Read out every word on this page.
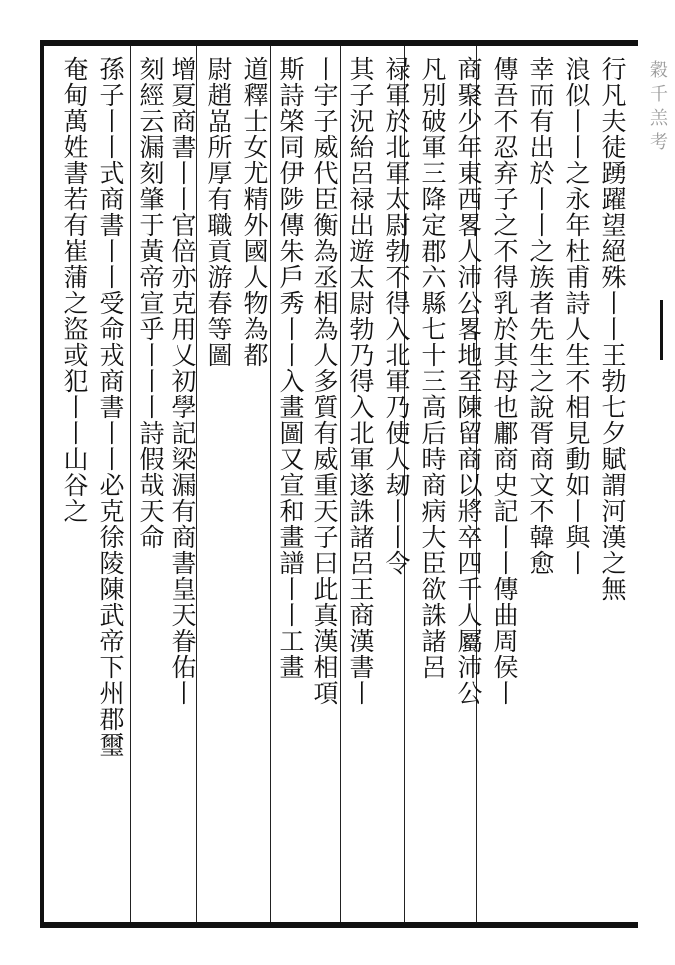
穀千羔考
行凡夫徒踴躍望絕殊丨丨王勃七夕賦謂河漢之無
浪似丨丨之永年杜甫詩人生不相見動如丨與丨
幸而有出於丨丨之族者先生之說胥商文不韓愈
傳吾不忍弃子之不得乳於其母也鄘商史記丨丨傳曲周侯丨
商聚少年東西畧人沛公畧地至陳留商以將卒四千人屬沛公
凡別破軍三降定郡六縣七十三高后時商病大臣欲誅諸呂
禄軍於北軍太尉勃不得入北軍乃使人刼丨丨令
其子況紿呂禄出遊太尉勃乃得入北軍遂誅諸呂王商漢書丨
丨宇子威代臣衡為丞相為人多質有威重天子曰此真漢相項
斯詩棨同伊陟傳朱戶秀丨丨入畫圖又宣和畫譜丨丨工畫
道釋士女尤精外國人物為都
尉趙嵓所厚有職貢游春等圖
增夏商書丨丨官倍亦克用乂初學記梁漏有商書皇天眷佑丨
刻經云漏刻肇于黃帝宣乎丨丨丨詩假哉天命
孫子丨丨式商書丨丨受命戎商書丨丨必克徐陵陳武帝下州郡璽
奄甸萬姓書若有崔蒲之盜或犯丨丨山谷之
